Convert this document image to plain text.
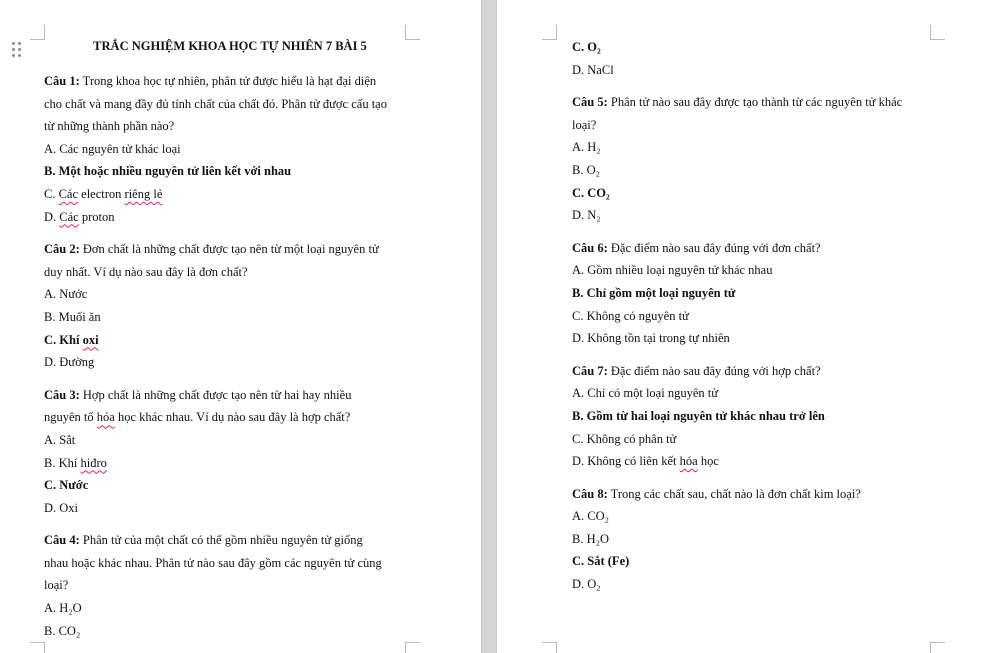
TRẮC NGHIỆM KHOA HỌC TỰ NHIÊN 7 BÀI 5
Câu 1: Trong khoa học tự nhiên, phân tử được hiểu là hạt đại diện
cho chất và mang đầy đủ tính chất của chất đó. Phân tử được cấu tạo
từ những thành phần nào?
A. Các nguyên tử khác loại
B. Một hoặc nhiều nguyên tử liên kết với nhau
C. Các electron riêng lẻ
D. Các proton
Câu 2: Đơn chất là những chất được tạo nên từ một loại nguyên tử
duy nhất. Ví dụ nào sau đây là đơn chất?
A. Nước
B. Muối ăn
C. Khí oxi
D. Đường
Câu 3: Hợp chất là những chất được tạo nên từ hai hay nhiều
nguyên tố hóa học khác nhau. Ví dụ nào sau đây là hợp chất?
A. Sắt
B. Khí hiđro
C. Nước
D. Oxi
Câu 4: Phân tử của một chất có thể gồm nhiều nguyên tử giống
nhau hoặc khác nhau. Phân tử nào sau đây gồm các nguyên tử cùng
loại?
A. H₂O
B. CO₂
C. O₂
D. NaCl
Câu 5: Phân tử nào sau đây được tạo thành từ các nguyên tử khác
loại?
A. H₂
B. O₂
C. CO₂
D. N₂
Câu 6: Đặc điểm nào sau đây đúng với đơn chất?
A. Gồm nhiều loại nguyên tử khác nhau
B. Chỉ gồm một loại nguyên tử
C. Không có nguyên tử
D. Không tồn tại trong tự nhiên
Câu 7: Đặc điểm nào sau đây đúng với hợp chất?
A. Chỉ có một loại nguyên tử
B. Gồm từ hai loại nguyên tử khác nhau trở lên
C. Không có phân tử
D. Không có liên kết hóa học
Câu 8: Trong các chất sau, chất nào là đơn chất kim loại?
A. CO₂
B. H₂O
C. Sắt (Fe)
D. O₂
